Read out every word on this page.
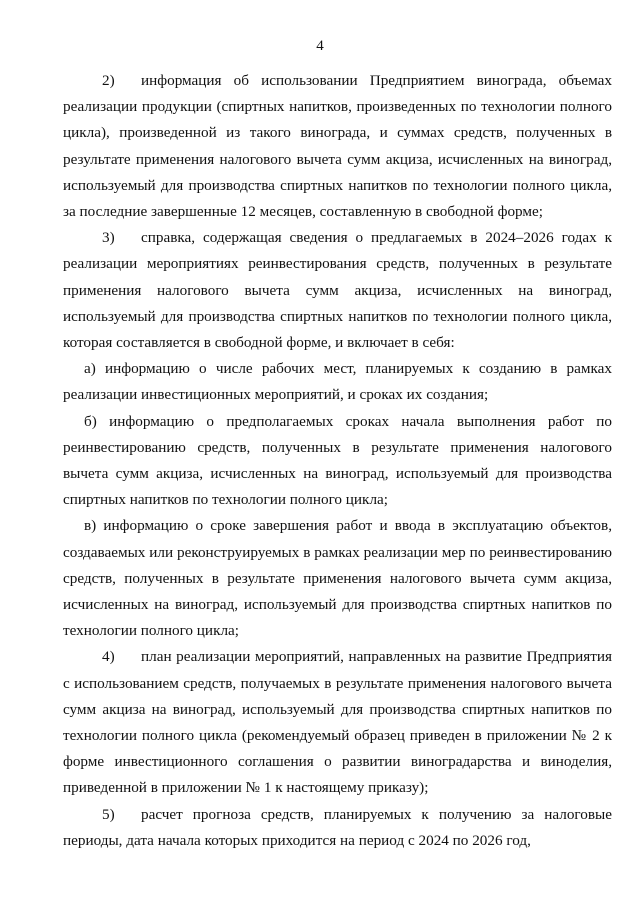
4

2) информация об использовании Предприятием винограда, объемах реализации продукции (спиртных напитков, произведенных по технологии полного цикла), произведенной из такого винограда, и суммах средств, полученных в результате применения налогового вычета сумм акциза, исчисленных на виноград, используемый для производства спиртных напитков по технологии полного цикла, за последние завершенные 12 месяцев, составленную в свободной форме;

3) справка, содержащая сведения о предлагаемых в 2024–2026 годах к реализации мероприятиях реинвестирования средств, полученных в результате применения налогового вычета сумм акциза, исчисленных на виноград, используемый для производства спиртных напитков по технологии полного цикла, которая составляется в свободной форме, и включает в себя:

а) информацию о числе рабочих мест, планируемых к созданию в рамках реализации инвестиционных мероприятий, и сроках их создания;

б) информацию о предполагаемых сроках начала выполнения работ по реинвестированию средств, полученных в результате применения налогового вычета сумм акциза, исчисленных на виноград, используемый для производства спиртных напитков по технологии полного цикла;

в) информацию о сроке завершения работ и ввода в эксплуатацию объектов, создаваемых или реконструируемых в рамках реализации мер по реинвестированию средств, полученных в результате применения налогового вычета сумм акциза, исчисленных на виноград, используемый для производства спиртных напитков по технологии полного цикла;

4) план реализации мероприятий, направленных на развитие Предприятия с использованием средств, получаемых в результате применения налогового вычета сумм акциза на виноград, используемый для производства спиртных напитков по технологии полного цикла (рекомендуемый образец приведен в приложении № 2 к форме инвестиционного соглашения о развитии виноградарства и виноделия, приведенной в приложении № 1 к настоящему приказу);

5) расчет прогноза средств, планируемых к получению за налоговые периоды, дата начала которых приходится на период с 2024 по 2026 год,
